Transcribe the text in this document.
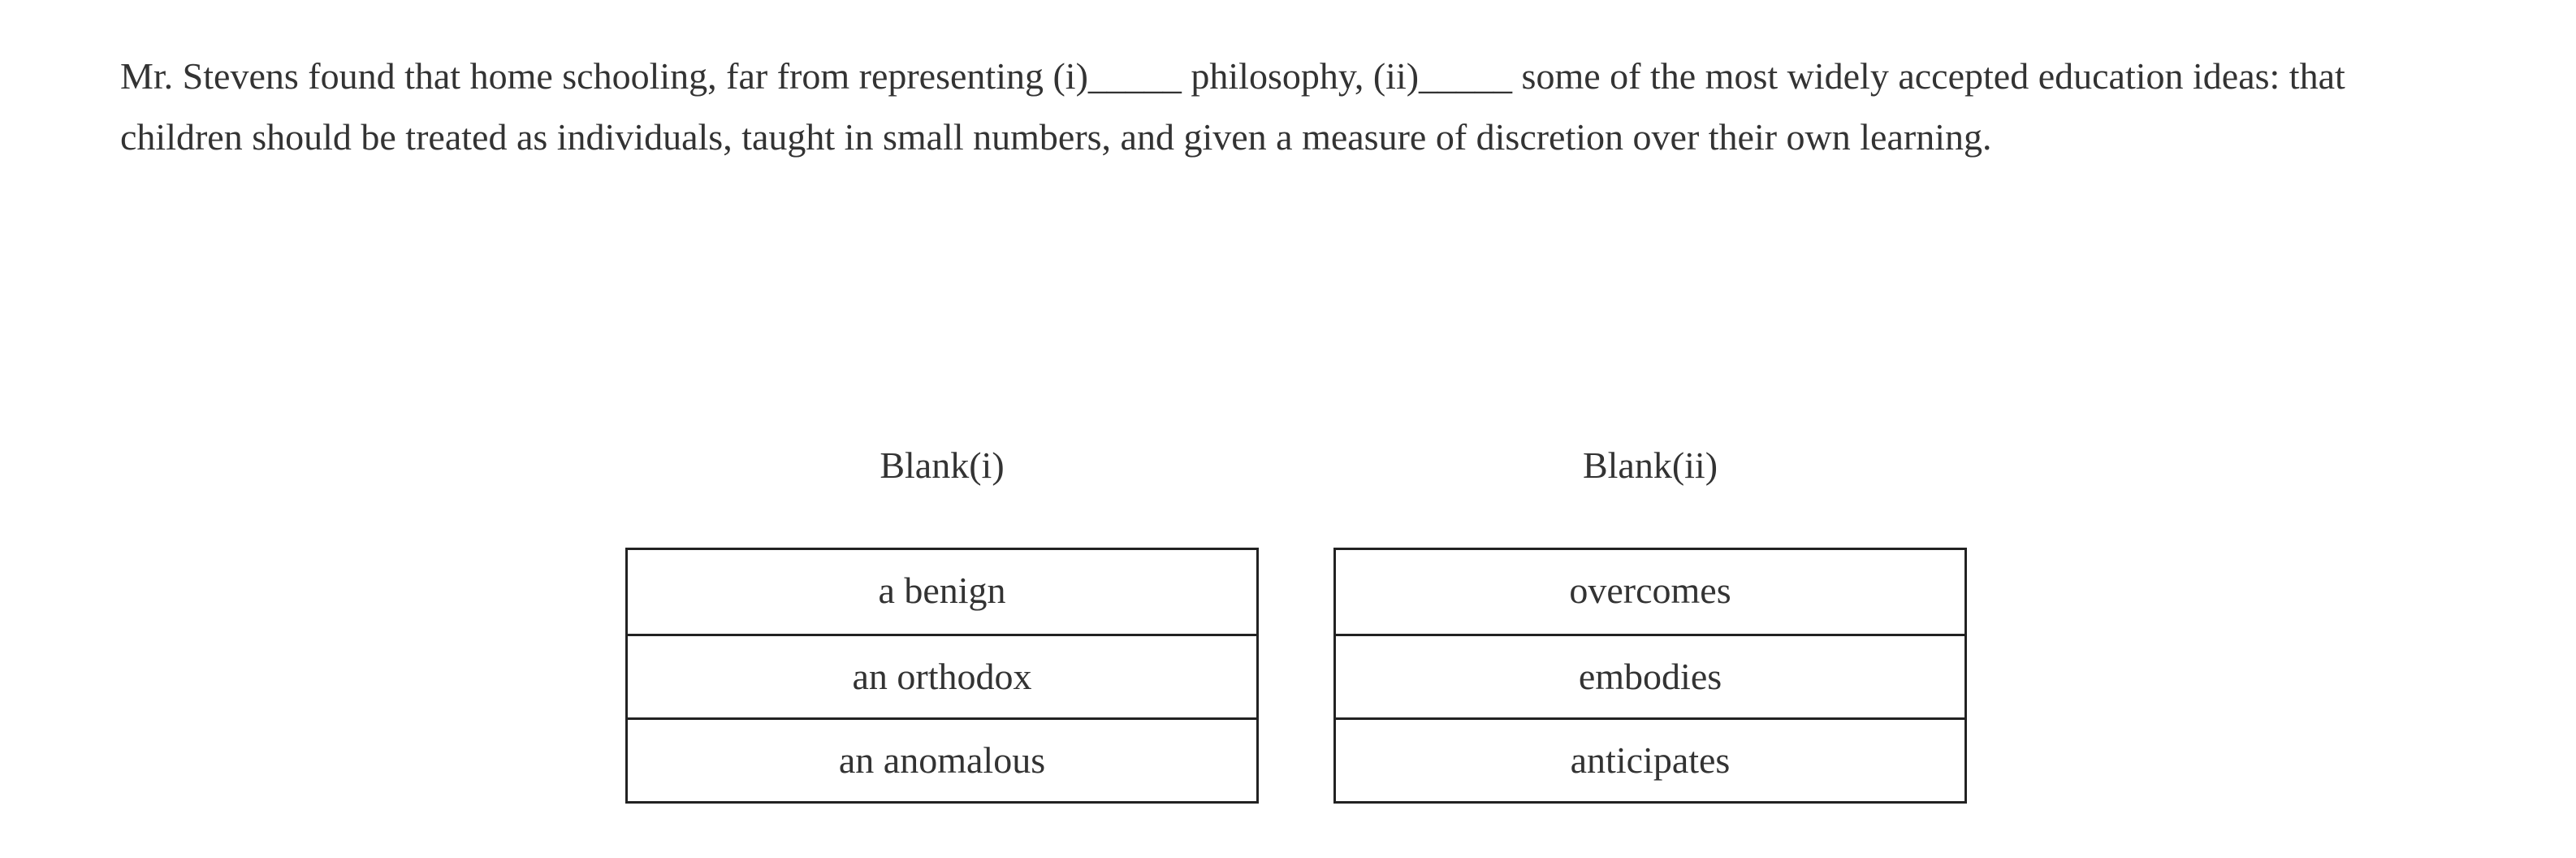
Mr. Stevens found that home schooling, far from representing (i)_____ philosophy, (ii)_____ some of the most widely accepted education ideas: that children should be treated as individuals, taught in small numbers, and given a measure of discretion over their own learning.

Blank(i)
a benign
an orthodox
an anomalous
Blank(ii)
overcomes
embodies
anticipates
